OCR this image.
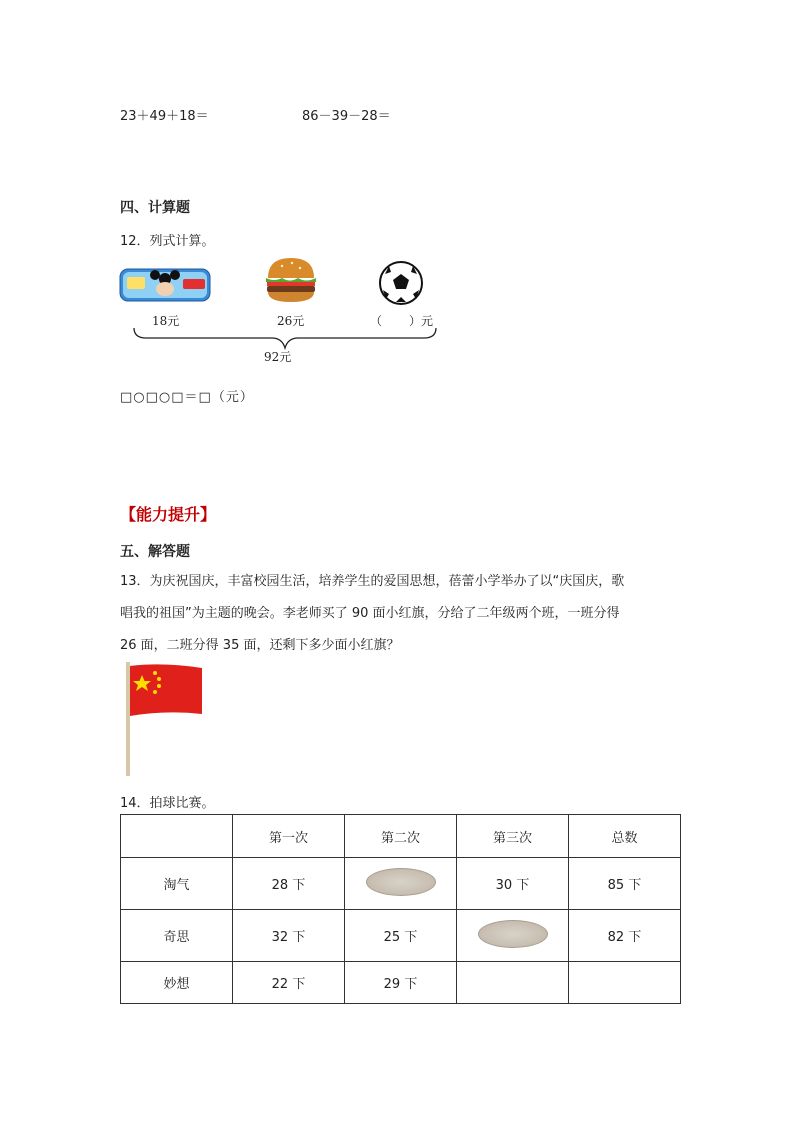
23＋49＋18＝	86－39－28＝
四、计算题
12．列式计算。
18元	26元	（ ）元
92元
□○□○□＝□（元）
【能力提升】
五、解答题
13．为庆祝国庆，丰富校园生活，培养学生的爱国思想，蓓蕾小学举办了以“庆国庆，歌
唱我的祖国”为主题的晚会。李老师买了 90 面小红旗，分给了二年级两个班，一班分得
26 面，二班分得 35 面，还剩下多少面小红旗？
14．拍球比赛。
	第一次	第二次	第三次	总数
淘气	28 下		30 下	85 下
奇思	32 下	25 下		82 下
妙想	22 下	29 下		
